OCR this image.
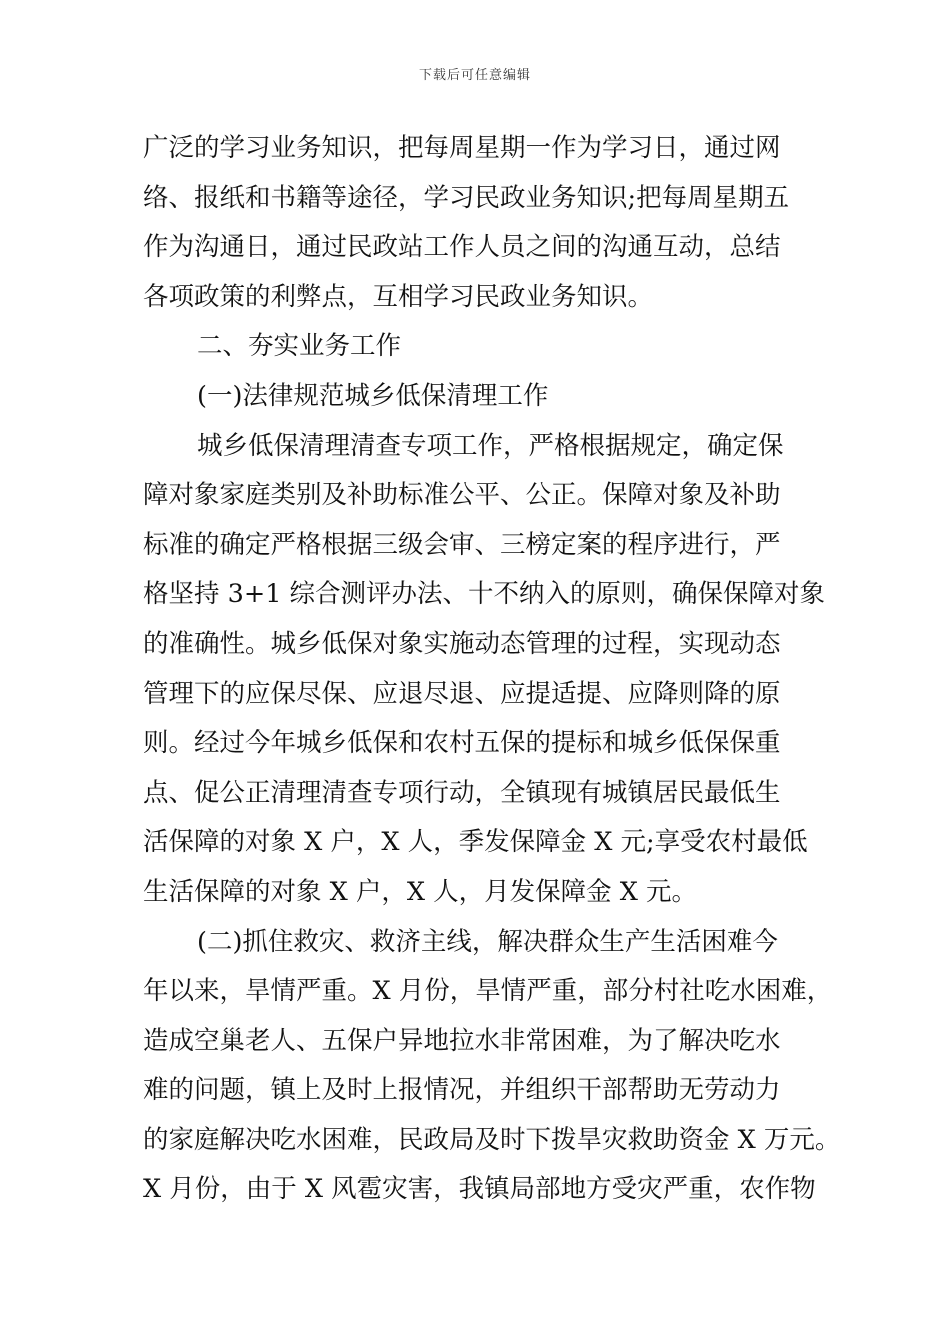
下载后可任意编辑
广泛的学习业务知识，把每周星期一作为学习日，通过网
络、报纸和书籍等途径，学习民政业务知识;把每周星期五
作为沟通日，通过民政站工作人员之间的沟通互动，总结
各项政策的利弊点，互相学习民政业务知识。
二、夯实业务工作
(一)法律规范城乡低保清理工作
城乡低保清理清查专项工作，严格根据规定，确定保
障对象家庭类别及补助标准公平、公正。保障对象及补助
标准的确定严格根据三级会审、三榜定案的程序进行，严
格坚持 3+1 综合测评办法、十不纳入的原则，确保保障对象
的准确性。城乡低保对象实施动态管理的过程，实现动态
管理下的应保尽保、应退尽退、应提适提、应降则降的原
则。经过今年城乡低保和农村五保的提标和城乡低保保重
点、促公正清理清查专项行动，全镇现有城镇居民最低生
活保障的对象 X 户，X 人，季发保障金 X 元;享受农村最低
生活保障的对象 X 户，X 人，月发保障金 X 元。
(二)抓住救灾、救济主线，解决群众生产生活困难今
年以来，旱情严重。X 月份，旱情严重，部分村社吃水困难，
造成空巢老人、五保户异地拉水非常困难，为了解决吃水
难的问题，镇上及时上报情况，并组织干部帮助无劳动力
的家庭解决吃水困难，民政局及时下拨旱灾救助资金 X 万元。
X 月份，由于 X 风雹灾害，我镇局部地方受灾严重，农作物
